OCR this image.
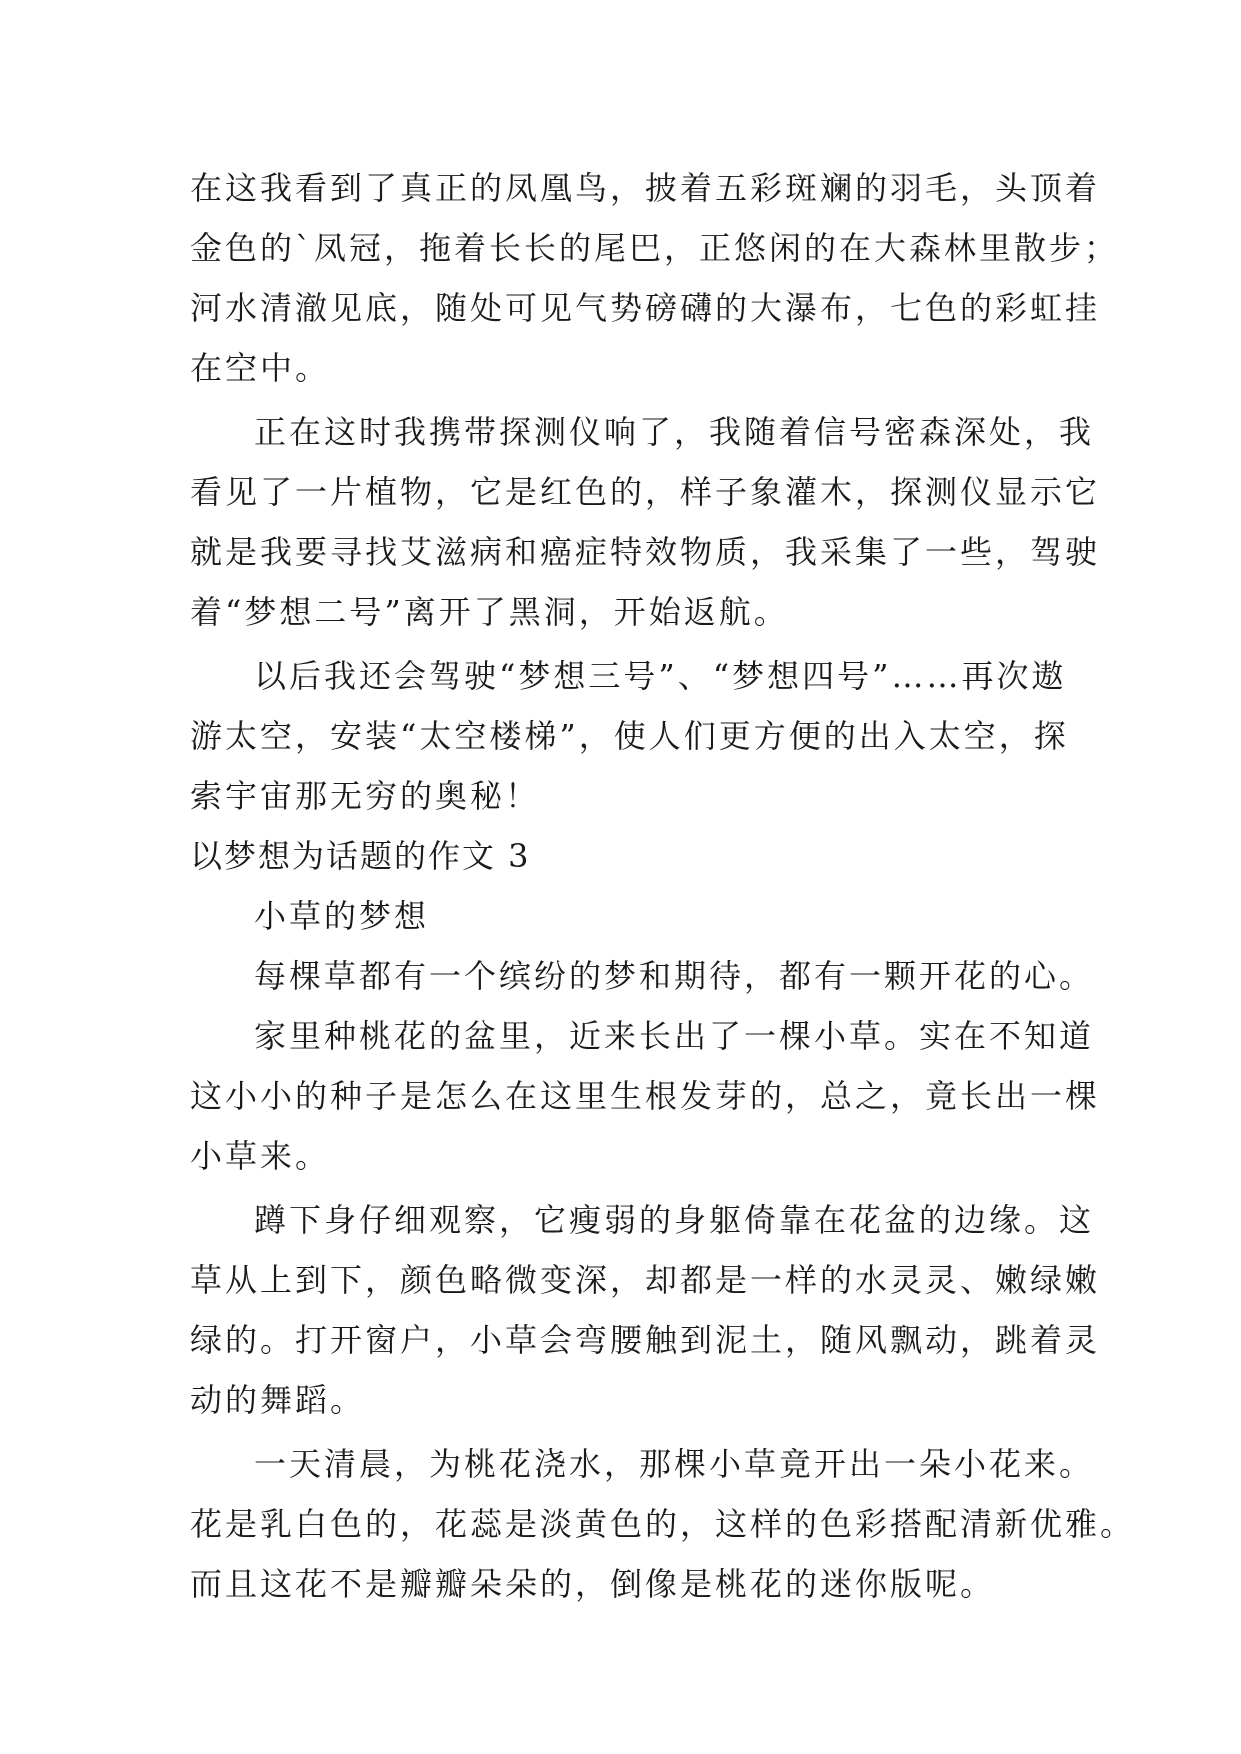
在这我看到了真正的凤凰鸟，披着五彩斑斓的羽毛，头顶着
金色的`凤冠，拖着长长的尾巴，正悠闲的在大森林里散步；
河水清澈见底，随处可见气势磅礴的大瀑布，七色的彩虹挂
在空中。
正在这时我携带探测仪响了，我随着信号密森深处，我
看见了一片植物，它是红色的，样子象灌木，探测仪显示它
就是我要寻找艾滋病和癌症特效物质，我采集了一些，驾驶
着“梦想二号”离开了黑洞，开始返航。
以后我还会驾驶“梦想三号”、“梦想四号”……再次遨
游太空，安装“太空楼梯”，使人们更方便的出入太空，探
索宇宙那无穷的奥秘！
以梦想为话题的作文 3
小草的梦想
每棵草都有一个缤纷的梦和期待，都有一颗开花的心。
家里种桃花的盆里，近来长出了一棵小草。实在不知道
这小小的种子是怎么在这里生根发芽的，总之，竟长出一棵
小草来。
蹲下身仔细观察，它瘦弱的身躯倚靠在花盆的边缘。这
草从上到下，颜色略微变深，却都是一样的水灵灵、嫩绿嫩
绿的。打开窗户，小草会弯腰触到泥土，随风飘动，跳着灵
动的舞蹈。
一天清晨，为桃花浇水，那棵小草竟开出一朵小花来。
花是乳白色的，花蕊是淡黄色的，这样的色彩搭配清新优雅。
而且这花不是瓣瓣朵朵的，倒像是桃花的迷你版呢。
